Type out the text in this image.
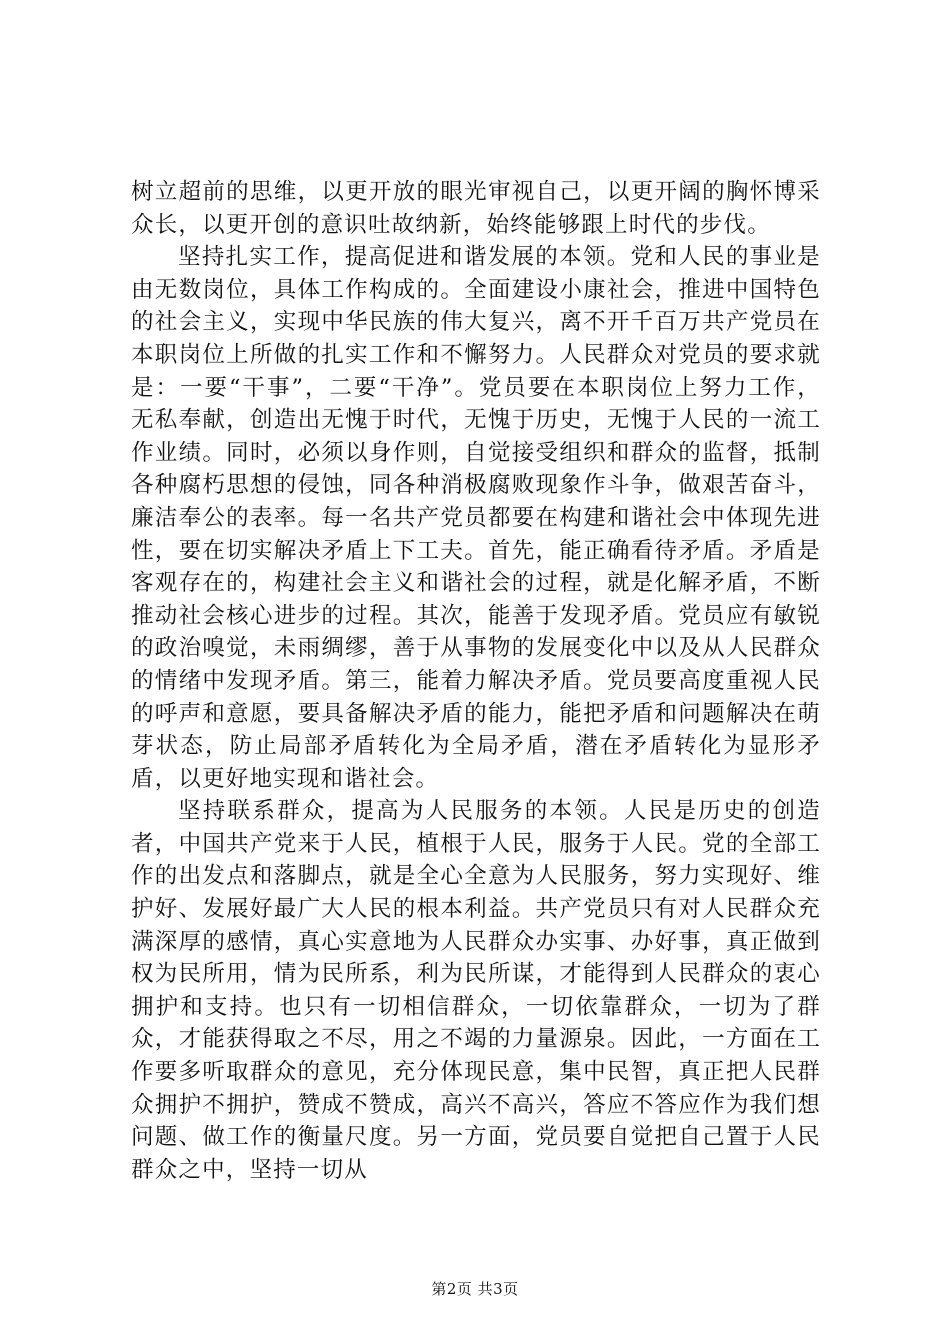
树立超前的思维，以更开放的眼光审视自己，以更开阔的胸怀博采众长，以更开创的意识吐故纳新，始终能够跟上时代的步伐。

坚持扎实工作，提高促进和谐发展的本领。党和人民的事业是由无数岗位，具体工作构成的。全面建设小康社会，推进中国特色的社会主义，实现中华民族的伟大复兴，离不开千百万共产党员在本职岗位上所做的扎实工作和不懈努力。人民群众对党员的要求就是：一要“干事”，二要“干净”。党员要在本职岗位上努力工作，无私奉献，创造出无愧于时代，无愧于历史，无愧于人民的一流工作业绩。同时，必须以身作则，自觉接受组织和群众的监督，抵制各种腐朽思想的侵蚀，同各种消极腐败现象作斗争，做艰苦奋斗，廉洁奉公的表率。每一名共产党员都要在构建和谐社会中体现先进性，要在切实解决矛盾上下工夫。首先，能正确看待矛盾。矛盾是客观存在的，构建社会主义和谐社会的过程，就是化解矛盾，不断推动社会核心进步的过程。其次，能善于发现矛盾。党员应有敏锐的政治嗅觉，未雨绸缪，善于从事物的发展变化中以及从人民群众的情绪中发现矛盾。第三，能着力解决矛盾。党员要高度重视人民的呼声和意愿，要具备解决矛盾的能力，能把矛盾和问题解决在萌芽状态，防止局部矛盾转化为全局矛盾，潜在矛盾转化为显形矛盾，以更好地实现和谐社会。

坚持联系群众，提高为人民服务的本领。人民是历史的创造者，中国共产党来于人民，植根于人民，服务于人民。党的全部工作的出发点和落脚点，就是全心全意为人民服务，努力实现好、维护好、发展好最广大人民的根本利益。共产党员只有对人民群众充满深厚的感情，真心实意地为人民群众办实事、办好事，真正做到权为民所用，情为民所系，利为民所谋，才能得到人民群众的衷心拥护和支持。也只有一切相信群众，一切依靠群众，一切为了群众，才能获得取之不尽，用之不竭的力量源泉。因此，一方面在工作要多听取群众的意见，充分体现民意，集中民智，真正把人民群众拥护不拥护，赞成不赞成，高兴不高兴，答应不答应作为我们想问题、做工作的衡量尺度。另一方面，党员要自觉把自己置于人民群众之中，坚持一切从

第2页 共3页
